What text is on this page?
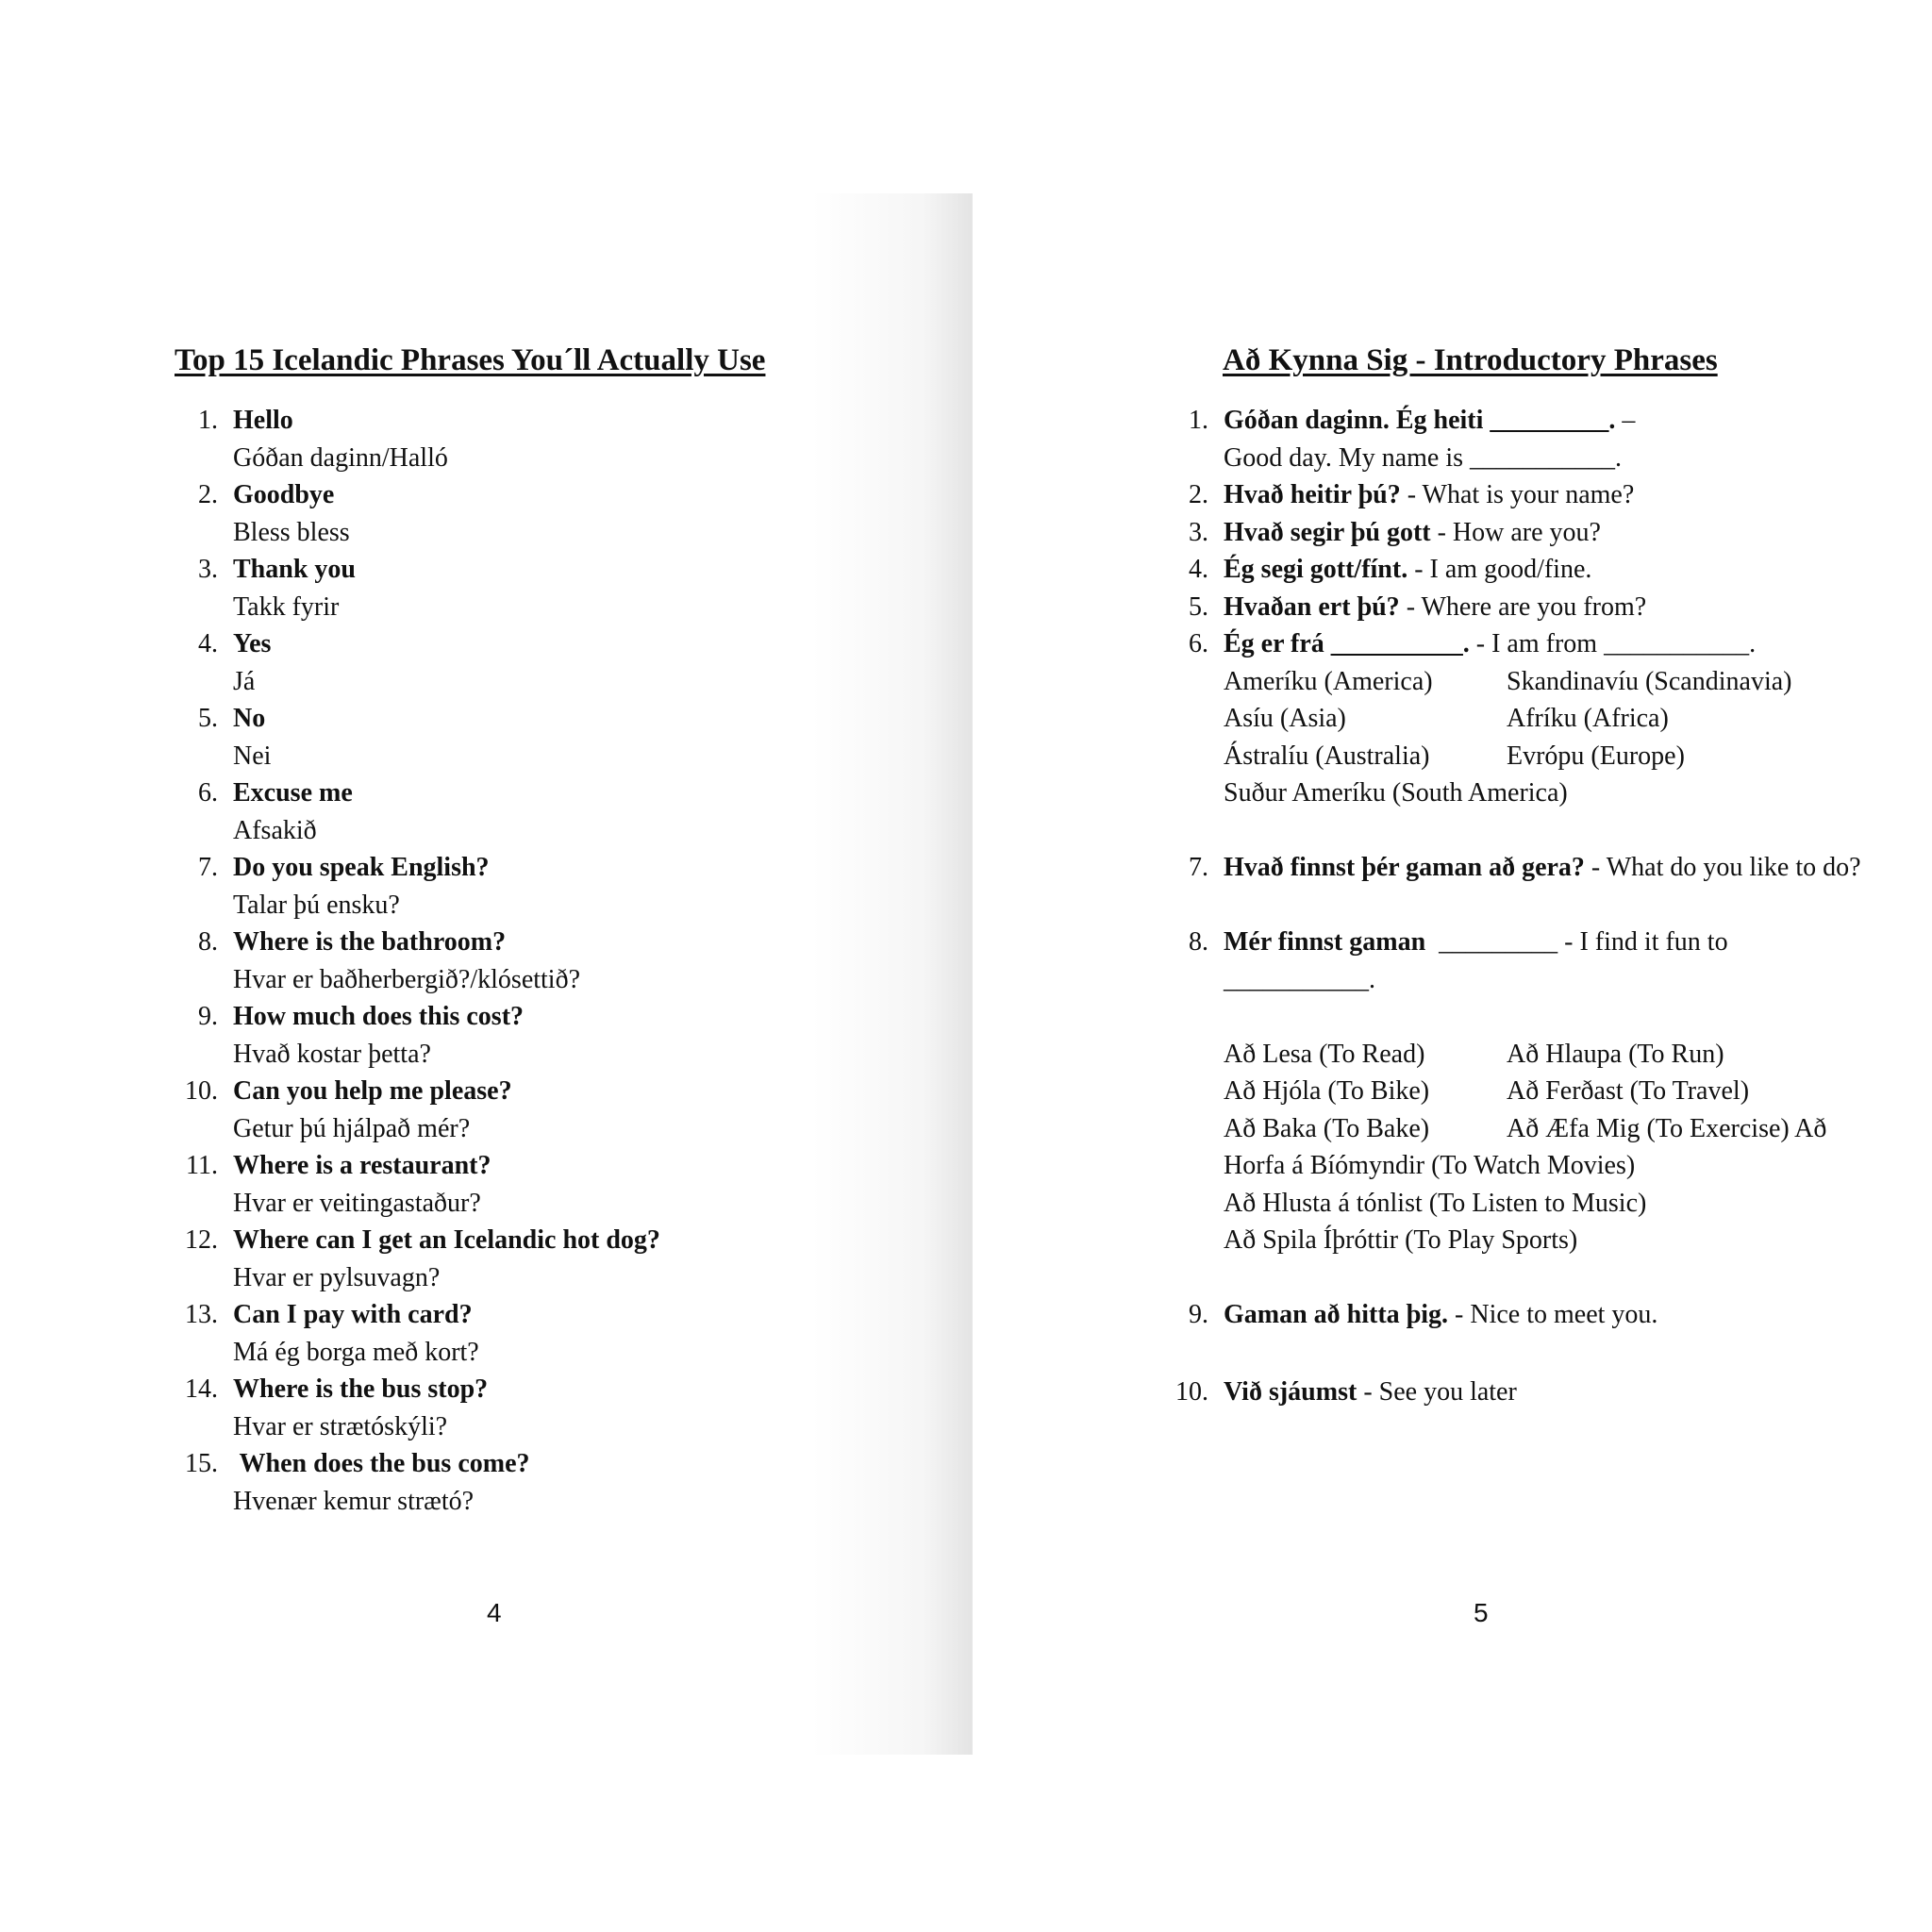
Top 15 Icelandic Phrases You´ll Actually Use
1. Hello
Góðan daginn/Halló
2. Goodbye
Bless bless
3. Thank you
Takk fyrir
4. Yes
Já
5. No
Nei
6. Excuse me
Afsakið
7. Do you speak English?
Talar þú ensku?
8. Where is the bathroom?
Hvar er baðherbergið?/klósettið?
9. How much does this cost?
Hvað kostar þetta?
10. Can you help me please?
Getur þú hjálpað mér?
11. Where is a restaurant?
Hvar er veitingastaður?
12. Where can I get an Icelandic hot dog?
Hvar er pylsuvagn?
13. Can I pay with card?
Má ég borga með kort?
14. Where is the bus stop?
Hvar er strætóskýli?
15. When does the bus come?
Hvenær kemur strætó?
4
Að Kynna Sig - Introductory Phrases
1. Góðan daginn. Ég heiti _________. –
Good day. My name is ___________.
2. Hvað heitir þú? - What is your name?
3. Hvað segir þú gott - How are you?
4. Ég segi gott/fínt. - I am good/fine.
5. Hvaðan ert þú? - Where are you from?
6. Ég er frá __________. - I am from ___________.
Ameríku (America)	Skandinavíu (Scandinavia)
Asíu (Asia)	Afríku (Africa)
Ástralíu (Australia)	Evrópu (Europe)
Suður Ameríku (South America)
7. Hvað finnst þér gaman að gera? - What do you like to do?
8. Mér finnst gaman  _________ - I find it fun to
___________.
Að Lesa (To Read)	Að Hlaupa (To Run)
Að Hjóla (To Bike)	Að Ferðast (To Travel)
Að Baka (To Bake)	Að Æfa Mig (To Exercise) Að
Horfa á Bíómyndir (To Watch Movies)
Að Hlusta á tónlist (To Listen to Music)
Að Spila Íþróttir (To Play Sports)
9. Gaman að hitta þig. - Nice to meet you.
10. Við sjáumst - See you later
5
